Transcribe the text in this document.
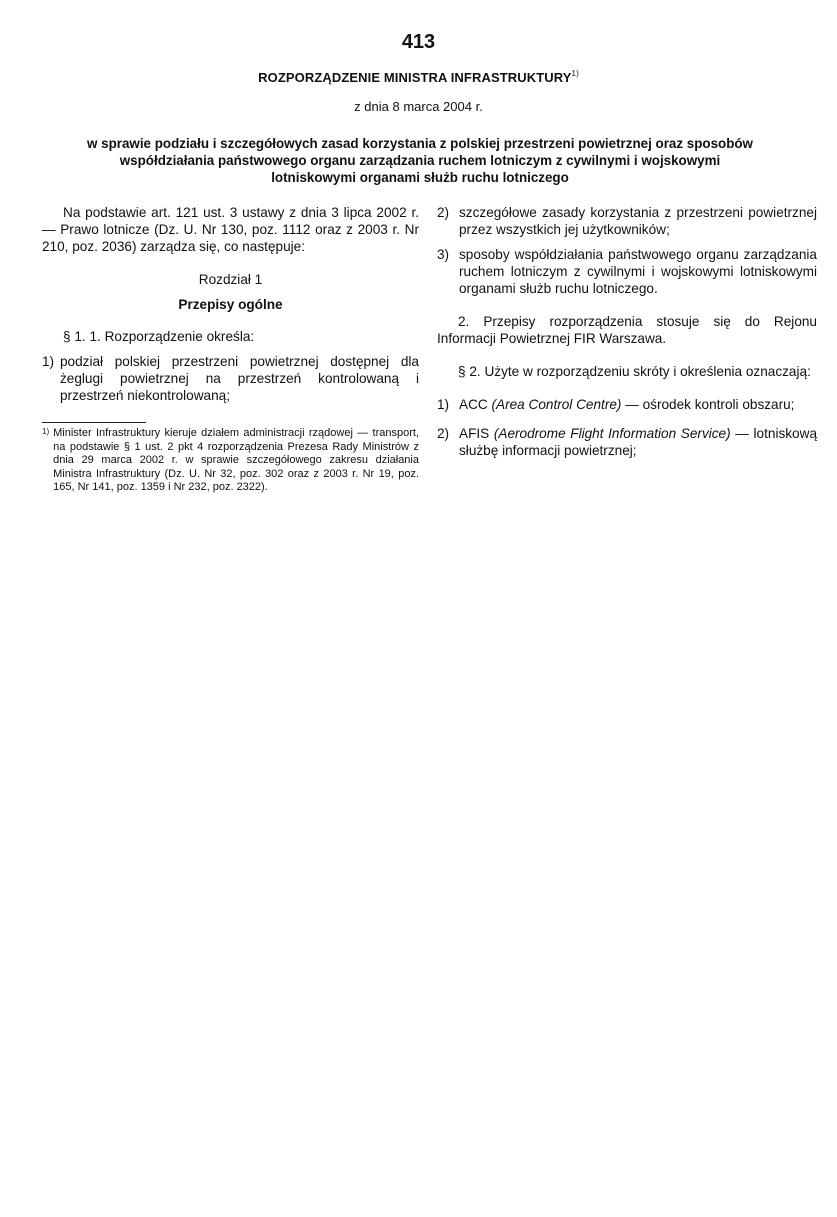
413
ROZPORZĄDZENIE MINISTRA INFRASTRUKTURY$^{1)}$
z dnia 8 marca 2004 r.
w sprawie podziału i szczegółowych zasad korzystania z polskiej przestrzeni powietrznej oraz sposobów
współdziałania państwowego organu zarządzania ruchem lotniczym z cywilnymi i wojskowymi
lotniskowymi organami służb ruchu lotniczego

Na podstawie art. 121 ust. 3 ustawy z dnia 3 lipca 2002 r. — Prawo lotnicze (Dz. U. Nr 130, poz. 1112 oraz z 2003 r. Nr 210, poz. 2036) zarządza się, co następuje:

Rozdział 1

Przepisy ogólne

§ 1. 1. Rozporządzenie określa:

1) podział polskiej przestrzeni powietrznej dostępnej dla żeglugi powietrznej na przestrzeń kontrolowaną i przestrzeń niekontrolowaną;
1) Minister Infrastruktury kieruje działem administracji rządowej — transport, na podstawie § 1 ust. 2 pkt 4 rozporządzenia Prezesa Rady Ministrów z dnia 29 marca 2002 r. w sprawie szczegółowego zakresu działania Ministra Infrastruktury (Dz. U. Nr 32, poz. 302 oraz z 2003 r. Nr 19, poz. 165, Nr 141, poz. 1359 i Nr 232, poz. 2322).
2) szczegółowe zasady korzystania z przestrzeni powietrznej przez wszystkich jej użytkowników;
3) sposoby współdziałania państwowego organu zarządzania ruchem lotniczym z cywilnymi i wojskowymi lotniskowymi organami służb ruchu lotniczego.

2. Przepisy rozporządzenia stosuje się do Rejonu Informacji Powietrznej FIR Warszawa.

§ 2. Użyte w rozporządzeniu skróty i określenia oznaczają:

1) ACC (Area Control Centre) — ośrodek kontroli obszaru;
2) AFIS (Aerodrome Flight Information Service) — lotniskową służbę informacji powietrznej;
